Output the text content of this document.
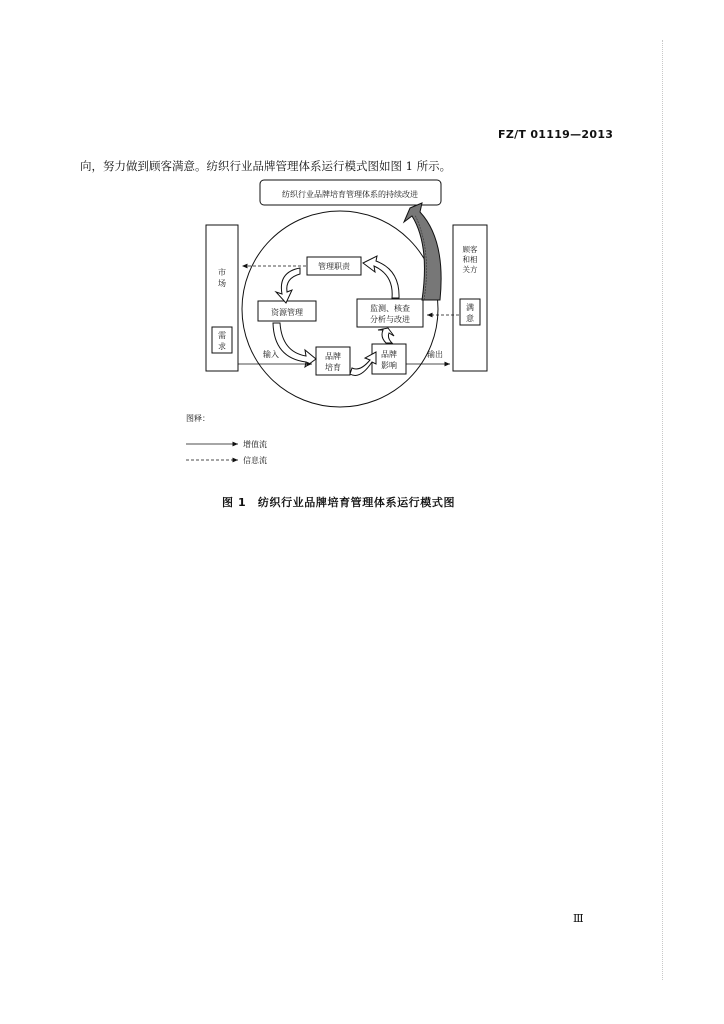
FZ/T 01119—2013
向，努力做到顾客满意。纺织行业品牌管理体系运行模式图如图 1 所示。
纺织行业品牌培育管理体系的持续改进
市
场
需
求
顾客
和相
关方
满
意
管理职责
资源管理	监测、核查
分析与改进
品牌
培育
品牌
影响
输入	输出
图释：
增值流
信息流
图 1　纺织行业品牌培育管理体系运行模式图
Ⅲ
